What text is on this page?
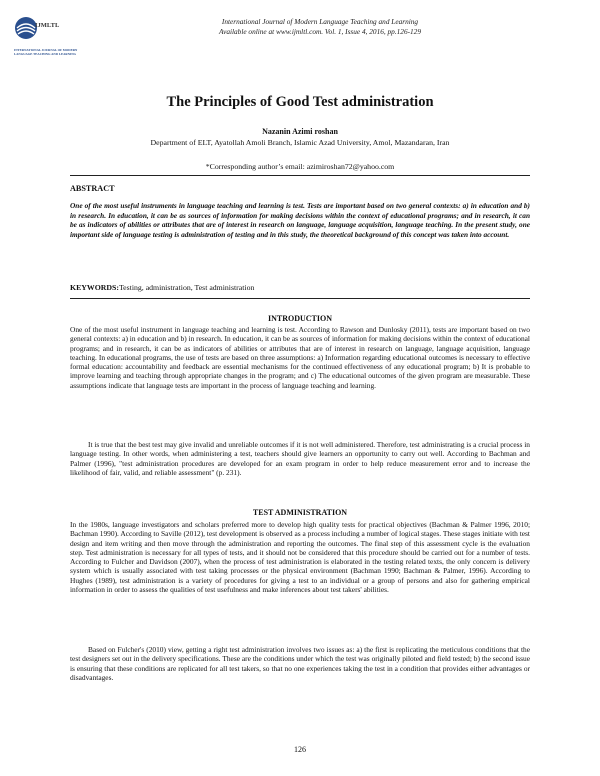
IJMLTL
INTERNATIONAL JOURNAL OF MODERN LANGUAGE TEACHING AND LEARNING
International Journal of Modern Language Teaching and Learning
Available online at www.ijmltl.com. Vol. 1, Issue 4, 2016, pp.126-129
The Principles of Good Test administration
Nazanin Azimi roshan
Department of ELT, Ayatollah Amoli Branch, Islamic Azad University, Amol, Mazandaran, Iran
*Corresponding author’s email: azimiroshan72@yahoo.com
ABSTRACT
One of the most useful instruments in language teaching and learning is test. Tests are important based on two general contexts: a) in education and b) in research. In education, it can be as sources of information for making decisions within the context of educational programs; and in research, it can be as indicators of abilities or attributes that are of interest in research on language, language acquisition, language teaching. In the present study, one important side of language testing is administration of testing and in this study, the theoretical background of this concept was taken into account.
KEYWORDS:Testing, administration, Test administration
INTRODUCTION
One of the most useful instrument in language teaching and learning is test. According to Rawson and Dunlosky (2011), tests are important based on two general contexts: a) in education and b) in research. In education, it can be as sources of information for making decisions within the context of educational programs; and in research, it can be as indicators of abilities or attributes that are of interest in research on language, language acquisition, language teaching. In educational programs, the use of tests are based on three assumptions: a) Information regarding educational outcomes is necessary to effective formal education: accountability and feedback are essential mechanisms for the continued effectiveness of any educational program; b) It is probable to improve learning and teaching through appropriate changes in the program; and c) The educational outcomes of the given program are measurable. These assumptions indicate that language tests are important in the process of language teaching and learning.
It is true that the best test may give invalid and unreliable outcomes if it is not well administered. Therefore, test administrating is a crucial process in language testing. In other words, when administering a test, teachers should give learners an opportunity to carry out well. According to Bachman and Palmer (1996), "test administration procedures are developed for an exam program in order to help reduce measurement error and to increase the likelihood of fair, valid, and reliable assessment" (p. 231).
TEST ADMINISTRATION
In the 1980s, language investigators and scholars preferred more to develop high quality tests for practical objectives (Bachman & Palmer 1996, 2010; Bachman 1990). According to Saville (2012), test development is observed as a process including a number of logical stages. These stages initiate with test design and item writing and then move through the administration and reporting the outcomes. The final step of this assessment cycle is the evaluation step. Test administration is necessary for all types of tests, and it should not be considered that this procedure should be carried out for a number of tests. According to Fulcher and Davidson (2007), when the process of test administration is elaborated in the testing related texts, the only concern is delivery system which is usually associated with test taking processes or the physical environment (Bachman 1990; Bachman & Palmer, 1996). According to Hughes (1989), test administration is a variety of procedures for giving a test to an individual or a group of persons and also for gathering empirical information in order to assess the qualities of test usefulness and make inferences about test takers' abilities.
Based on Fulcher's (2010) view, getting a right test administration involves two issues as: a) the first is replicating the meticulous conditions that the test designers set out in the delivery specifications. These are the conditions under which the test was originally piloted and field tested; b) the second issue is ensuring that these conditions are replicated for all test takers, so that no one experiences taking the test in a condition that provides either advantages or disadvantages.
126
